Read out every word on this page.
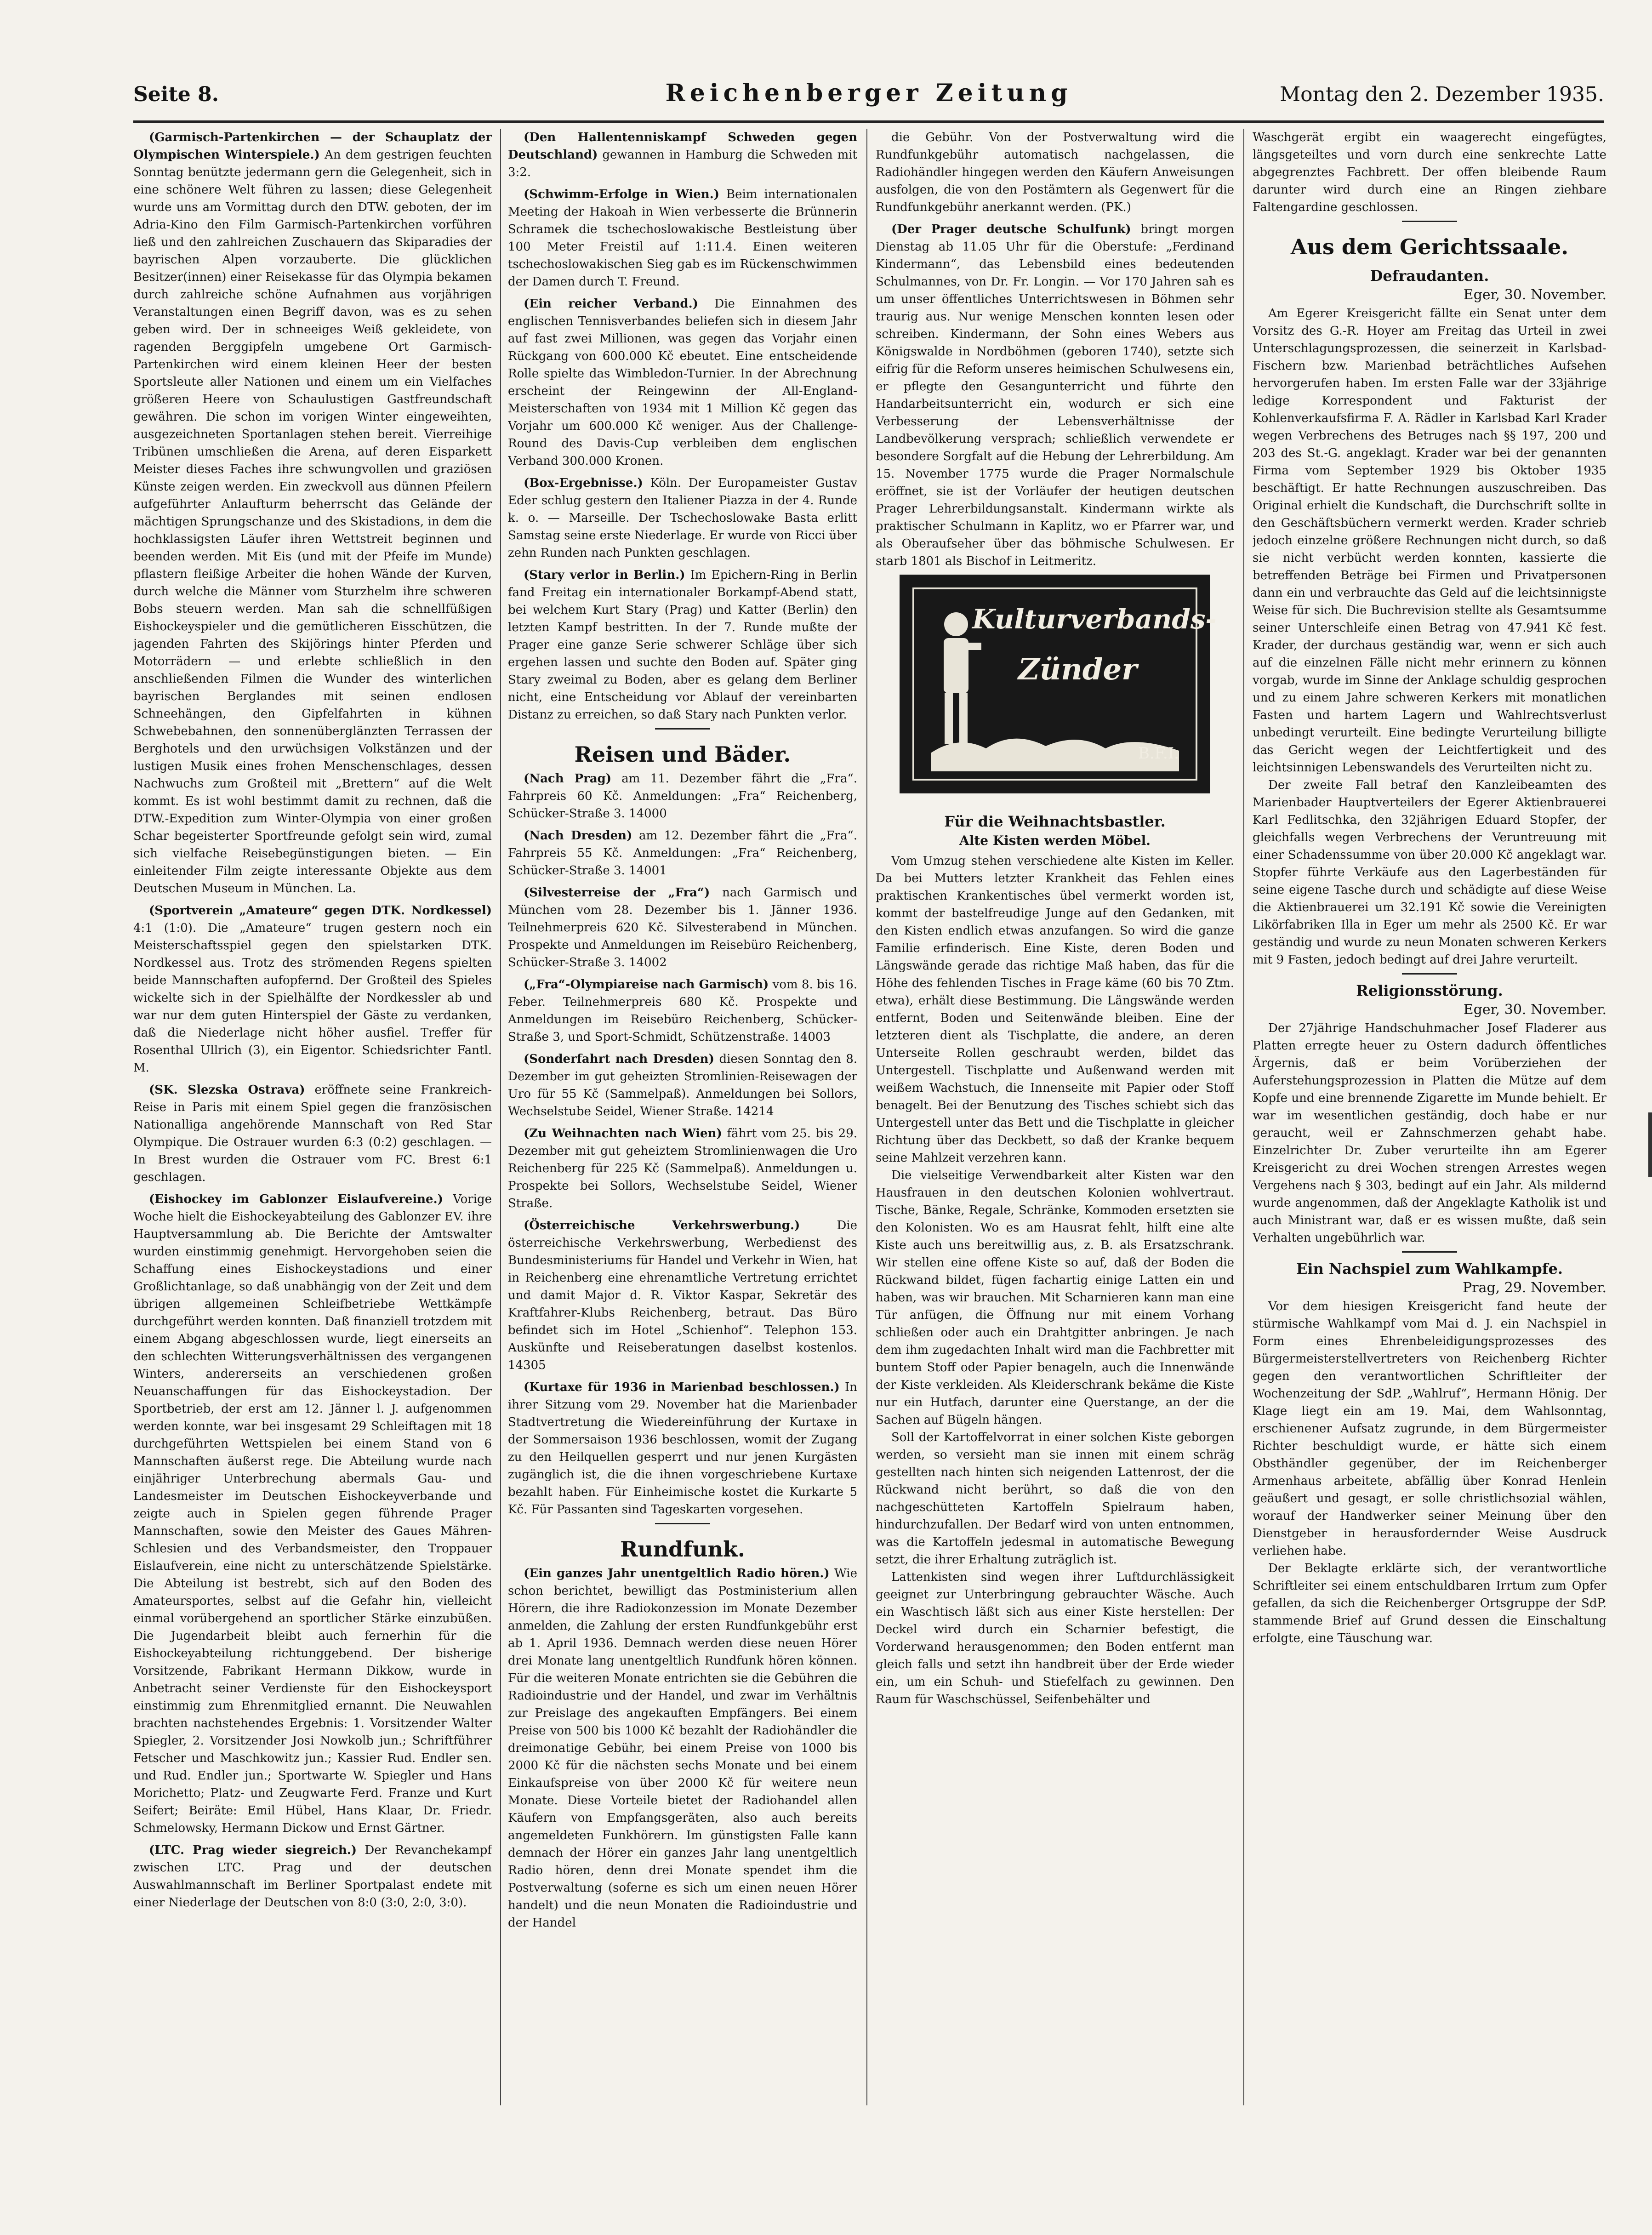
Seite 8.	Reichenberger Zeitung	Montag den 2. Dezember 1935.

(Garmisch-Partenkirchen — der Schauplatz der Olympischen Winterspiele.) An dem gestrigen feuchten Sonntag benützte jedermann gern die Gelegenheit, sich in eine schönere Welt führen zu lassen; diese Gelegenheit wurde uns am Vormittag durch den DTW. geboten, der im Adria-Kino den Film Garmisch-Partenkirchen vorführen ließ und den zahlreichen Zuschauern das Skiparadies der bayrischen Alpen vorzauberte. Die glücklichen Besitzer(innen) einer Reisekasse für das Olympia bekamen durch zahlreiche schöne Aufnahmen aus vorjährigen Veranstaltungen einen Begriff davon, was es zu sehen geben wird. Der in schneeiges Weiß gekleidete, von ragenden Berggipfeln umgebene Ort Garmisch-Partenkirchen wird einem kleinen Heer der besten Sportsleute aller Nationen und einem um ein Vielfaches größeren Heere von Schaulustigen Gastfreundschaft gewähren. Die schon im vorigen Winter eingeweihten, ausgezeichneten Sportanlagen stehen bereit. Vierreihige Tribünen umschließen die Arena, auf deren Eisparkett Meister dieses Faches ihre schwungvollen und graziösen Künste zeigen werden. Ein zweckvoll aus dünnen Pfeilern aufgeführter Anlaufturm beherrscht das Gelände der mächtigen Sprungschanze und des Skistadions, in dem die hochklassigsten Läufer ihren Wettstreit beginnen und beenden werden. Mit Eis (und mit der Pfeife im Munde) pflastern fleißige Arbeiter die hohen Wände der Kurven, durch welche die Männer vom Sturzhelm ihre schweren Bobs steuern werden. Man sah die schnellfüßigen Eishockeyspieler und die gemütlicheren Eisschützen, die jagenden Fahrten des Skijörings hinter Pferden und Motorrädern — und erlebte schließlich in den anschließenden Filmen die Wunder des winterlichen bayrischen Berglandes mit seinen endlosen Schneehängen, den Gipfelfahrten in kühnen Schwebebahnen, den sonnenüberglänzten Terrassen der Berghotels und den urwüchsigen Volkstänzen und der lustigen Musik eines frohen Menschenschlages, dessen Nachwuchs zum Großteil mit „Brettern“ auf die Welt kommt. Es ist wohl bestimmt damit zu rechnen, daß die DTW.-Expedition zum Winter-Olympia von einer großen Schar begeisterter Sportfreunde gefolgt sein wird, zumal sich vielfache Reisebegünstigungen bieten. — Ein einleitender Film zeigte interessante Objekte aus dem Deutschen Museum in München. La.

(Sportverein „Amateure“ gegen DTK. Nordkessel) 4:1 (1:0). Die „Amateure“ trugen gestern noch ein Meisterschaftsspiel gegen den spielstarken DTK. Nordkessel aus. Trotz des strömenden Regens spielten beide Mannschaften aufopfernd. Der Großteil des Spieles wickelte sich in der Spielhälfte der Nordkessler ab und war nur dem guten Hinterspiel der Gäste zu verdanken, daß die Niederlage nicht höher ausfiel. Treffer für Rosenthal Ullrich (3), ein Eigentor. Schiedsrichter Fantl. M.

(SK. Slezska Ostrava) eröffnete seine Frankreich-Reise in Paris mit einem Spiel gegen die französischen Nationalliga angehörende Mannschaft von Red Star Olympique. Die Ostrauer wurden 6:3 (0:2) geschlagen. — In Brest wurden die Ostrauer vom FC. Brest 6:1 geschlagen.

(Eishockey im Gablonzer Eislaufvereine.) Vorige Woche hielt die Eishockeyabteilung des Gablonzer EV. ihre Hauptversammlung ab. Die Berichte der Amtswalter wurden einstimmig genehmigt. Hervorgehoben seien die Schaffung eines Eishockeystadions und einer Großlichtanlage, so daß unabhängig von der Zeit und dem übrigen allgemeinen Schleifbetriebe Wettkämpfe durchgeführt werden konnten. Daß finanziell trotzdem mit einem Abgang abgeschlossen wurde, liegt einerseits an den schlechten Witterungsverhältnissen des vergangenen Winters, andererseits an verschiedenen großen Neuanschaffungen für das Eishockeystadion. Der Sportbetrieb, der erst am 12. Jänner l. J. aufgenommen werden konnte, war bei insgesamt 29 Schleiftagen mit 18 durchgeführten Wettspielen bei einem Stand von 6 Mannschaften äußerst rege. Die Abteilung wurde nach einjähriger Unterbrechung abermals Gau- und Landesmeister im Deutschen Eishockeyverbande und zeigte auch in Spielen gegen führende Prager Mannschaften, sowie den Meister des Gaues Mähren-Schlesien und des Verbandsmeister, den Troppauer Eislaufverein, eine nicht zu unterschätzende Spielstärke. Die Abteilung ist bestrebt, sich auf den Boden des Amateursportes, selbst auf die Gefahr hin, vielleicht einmal vorübergehend an sportlicher Stärke einzubüßen. Die Jugendarbeit bleibt auch fernerhin für die Eishockeyabteilung richtunggebend. Der bisherige Vorsitzende, Fabrikant Hermann Dikkow, wurde in Anbetracht seiner Verdienste für den Eishockeysport einstimmig zum Ehrenmitglied ernannt. Die Neuwahlen brachten nachstehendes Ergebnis: 1. Vorsitzender Walter Spiegler, 2. Vorsitzender Josi Nowkolb jun.; Schriftführer Fetscher und Maschkowitz jun.; Kassier Rud. Endler sen. und Rud. Endler jun.; Sportwarte W. Spiegler und Hans Morichetto; Platz- und Zeugwarte Ferd. Franze und Kurt Seifert; Beiräte: Emil Hübel, Hans Klaar, Dr. Friedr. Schmelowsky, Hermann Dickow und Ernst Gärtner.

(LTC. Prag wieder siegreich.) Der Revanchekampf zwischen LTC. Prag und der deutschen Auswahlmannschaft im Berliner Sportpalast endete mit einer Niederlage der Deutschen von 8:0 (3:0, 2:0, 3:0).

(Den Hallentenniskampf Schweden gegen Deutschland) gewannen in Hamburg die Schweden mit 3:2.

(Schwimm-Erfolge in Wien.) Beim internationalen Meeting der Hakoah in Wien verbesserte die Brünnerin Schramek die tschechoslowakische Bestleistung über 100 Meter Freistil auf 1:11.4. Einen weiteren tschechoslowakischen Sieg gab es im Rückenschwimmen der Damen durch T. Freund.

(Ein reicher Verband.) Die Einnahmen des englischen Tennisverbandes beliefen sich in diesem Jahr auf fast zwei Millionen, was gegen das Vorjahr einen Rückgang von 600.000 Kč ebeutet. Eine entscheidende Rolle spielte das Wimbledon-Turnier. In der Abrechnung erscheint der Reingewinn der All-England-Meisterschaften von 1934 mit 1 Million Kč gegen das Vorjahr um 600.000 Kč weniger. Aus der Challenge-Round des Davis-Cup verbleiben dem englischen Verband 300.000 Kronen.

(Box-Ergebnisse.) Köln. Der Europameister Gustav Eder schlug gestern den Italiener Piazza in der 4. Runde k. o. — Marseille. Der Tschechoslowake Basta erlitt Samstag seine erste Niederlage. Er wurde von Ricci über zehn Runden nach Punkten geschlagen.

(Stary verlor in Berlin.) Im Epichern-Ring in Berlin fand Freitag ein internationaler Borkampf-Abend statt, bei welchem Kurt Stary (Prag) und Katter (Berlin) den letzten Kampf bestritten. In der 7. Runde mußte der Prager eine ganze Serie schwerer Schläge über sich ergehen lassen und suchte den Boden auf. Später ging Stary zweimal zu Boden, aber es gelang dem Berliner nicht, eine Entscheidung vor Ablauf der vereinbarten Distanz zu erreichen, so daß Stary nach Punkten verlor.

Reisen und Bäder.

(Nach Prag) am 11. Dezember fährt die „Fra“. Fahrpreis 60 Kč. Anmeldungen: „Fra“ Reichenberg, Schücker-Straße 3. 14000

(Nach Dresden) am 12. Dezember fährt die „Fra“. Fahrpreis 55 Kč. Anmeldungen: „Fra“ Reichenberg, Schücker-Straße 3. 14001

(Silvesterreise der „Fra“) nach Garmisch und München vom 28. Dezember bis 1. Jänner 1936. Teilnehmerpreis 620 Kč. Silvesterabend in München. Prospekte und Anmeldungen im Reisebüro Reichenberg, Schücker-Straße 3. 14002

(„Fra“-Olympiareise nach Garmisch) vom 8. bis 16. Feber. Teilnehmerpreis 680 Kč. Prospekte und Anmeldungen im Reisebüro Reichenberg, Schücker-Straße 3, und Sport-Schmidt, Schützenstraße. 14003

(Sonderfahrt nach Dresden) diesen Sonntag den 8. Dezember im gut geheizten Stromlinien-Reisewagen der Uro für 55 Kč (Sammelpaß). Anmeldungen bei Sollors, Wechselstube Seidel, Wiener Straße. 14214

(Zu Weihnachten nach Wien) fährt vom 25. bis 29. Dezember mit gut geheiztem Stromlinienwagen die Uro Reichenberg für 225 Kč (Sammelpaß). Anmeldungen u. Prospekte bei Sollors, Wechselstube Seidel, Wiener Straße.

(Österreichische Verkehrswerbung.)	Die österreichische Verkehrswerbung, Werbedienst des Bundesministeriums für Handel und Verkehr in Wien, hat in Reichenberg eine ehrenamtliche Vertretung errichtet und damit Major d. R. Viktor Kaspar, Sekretär des Kraftfahrer-Klubs Reichenberg, betraut. Das Büro befindet sich im Hotel „Schienhof“. Telephon 153. Auskünfte und Reiseberatungen daselbst kostenlos. 14305

(Kurtaxe für 1936 in Marienbad beschlossen.) In ihrer Sitzung vom 29. November hat die Marienbader Stadtvertretung die Wiedereinführung der Kurtaxe in der Sommersaison 1936 beschlossen, womit der Zugang zu den Heilquellen gesperrt und nur jenen Kurgästen zugänglich ist, die die ihnen vorgeschriebene Kurtaxe bezahlt haben. Für Einheimische kostet die Kurkarte 5 Kč. Für Passanten sind Tageskarten vorgesehen.

Rundfunk.

(Ein ganzes Jahr unentgeltlich Radio hören.) Wie schon berichtet, bewilligt das Postministerium allen Hörern, die ihre Radiokonzession im Monate Dezember anmelden, die Zahlung der ersten Rundfunkgebühr erst ab 1. April 1936. Demnach werden diese neuen Hörer drei Monate lang unentgeltlich Rundfunk hören können. Für die weiteren Monate entrichten sie die Gebühren die Radioindustrie und der Handel, und zwar im Verhältnis zur Preislage des angekauften Empfängers. Bei einem Preise von 500 bis 1000 Kč bezahlt der Radiohändler die dreimonatige Gebühr, bei einem Preise von 1000 bis 2000 Kč für die nächsten sechs Monate und bei einem Einkaufspreise von über 2000 Kč für weitere neun Monate. Diese Vorteile bietet der Radiohandel allen Käufern von Empfangsgeräten, also auch bereits angemeldeten Funkhörern. Im günstigsten Falle kann demnach der Hörer ein ganzes Jahr lang unentgeltlich Radio hören, denn drei Monate spendet ihm die Postverwaltung (soferne es sich um einen neuen Hörer handelt) und die neun Monaten die Radioindustrie und der Handel

die Gebühr. Von der Postverwaltung wird die Rundfunkgebühr automatisch nachgelassen, die Radiohändler hingegen werden den Käufern Anweisungen ausfolgen, die von den Postämtern als Gegenwert für die Rundfunkgebühr anerkannt werden. (PK.)

(Der Prager deutsche Schulfunk) bringt morgen Dienstag ab 11.05 Uhr für die Oberstufe: „Ferdinand Kindermann“, das Lebensbild eines bedeutenden Schulmannes, von Dr. Fr. Longin. — Vor 170 Jahren sah es um unser öffentliches Unterrichtswesen in Böhmen sehr traurig aus. Nur wenige Menschen konnten lesen oder schreiben. Kindermann, der Sohn eines Webers aus Königswalde in Nordböhmen (geboren 1740), setzte sich eifrig für die Reform unseres heimischen Schulwesens ein, er pflegte den Gesangunterricht und führte den Handarbeitsunterricht ein, wodurch er sich eine Verbesserung der Lebensverhältnisse der Landbevölkerung versprach; schließlich verwendete er besondere Sorgfalt auf die Hebung der Lehrerbildung. Am 15. November 1775 wurde die Prager Normalschule eröffnet, sie ist der Vorläufer der heutigen deutschen Prager Lehrerbildungsanstalt. Kindermann wirkte als praktischer Schulmann in Kaplitz, wo er Pfarrer war, und als Oberaufseher über das böhmische Schulwesen. Er starb 1801 als Bischof in Leitmeritz.

Kulturverbands-
Zünder
B.F.I.
Für die Weihnachtsbastler.
Alte Kisten werden Möbel.

Vom Umzug stehen verschiedene alte Kisten im Keller. Da bei Mutters letzter Krankheit das Fehlen eines praktischen Krankentisches übel vermerkt worden ist, kommt der bastelfreudige Junge auf den Gedanken, mit den Kisten endlich etwas anzufangen. So wird die ganze Familie erfinderisch. Eine Kiste, deren Boden und Längswände gerade das richtige Maß haben, das für die Höhe des fehlenden Tisches in Frage käme (60 bis 70 Ztm. etwa), erhält diese Bestimmung. Die Längswände werden entfernt, Boden und Seitenwände bleiben. Eine der letzteren dient als Tischplatte, die andere, an deren Unterseite Rollen geschraubt werden, bildet das Untergestell. Tischplatte und Außenwand werden mit weißem Wachstuch, die Innenseite mit Papier oder Stoff benagelt. Bei der Benutzung des Tisches schiebt sich das Untergestell unter das Bett und die Tischplatte in gleicher Richtung über das Deckbett, so daß der Kranke bequem seine Mahlzeit verzehren kann.

Die vielseitige Verwendbarkeit alter Kisten war den Hausfrauen in den deutschen Kolonien wohlvertraut. Tische, Bänke, Regale, Schränke, Kommoden ersetzten sie den Kolonisten. Wo es am Hausrat fehlt, hilft eine alte Kiste auch uns bereitwillig aus, z. B. als Ersatzschrank. Wir stellen eine offene Kiste so auf, daß der Boden die Rückwand bildet, fügen fachartig einige Latten ein und haben, was wir brauchen. Mit Scharnieren kann man eine Tür anfügen, die Öffnung nur mit einem Vorhang schließen oder auch ein Drahtgitter anbringen. Je nach dem ihm zugedachten Inhalt wird man die Fachbretter mit buntem Stoff oder Papier benageln, auch die Innenwände der Kiste verkleiden. Als Kleiderschrank bekäme die Kiste nur ein Hutfach, darunter eine Querstange, an der die Sachen auf Bügeln hängen.

Soll der Kartoffelvorrat in einer solchen Kiste geborgen werden, so versieht man sie innen mit einem schräg gestellten nach hinten sich neigenden Lattenrost, der die Rückwand nicht berührt, so daß die von den nachgeschütteten Kartoffeln Spielraum haben, hindurchzufallen. Der Bedarf wird von unten entnommen, was die Kartoffeln jedesmal in automatische Bewegung setzt, die ihrer Erhaltung zuträglich ist.

Lattenkisten sind wegen ihrer Luftdurchlässigkeit geeignet zur Unterbringung gebrauchter Wäsche. Auch ein Waschtisch läßt sich aus einer Kiste herstellen: Der Deckel wird durch ein Scharnier befestigt, die Vorderwand herausgenommen; den Boden entfernt man gleich falls und setzt ihn handbreit über der Erde wieder ein, um ein Schuh- und Stiefelfach zu gewinnen. Den Raum für Waschschüssel, Seifenbehälter und

Waschgerät ergibt ein waagerecht eingefügtes, längsgeteiltes und vorn durch eine senkrechte Latte abgegrenztes Fachbrett. Der offen bleibende Raum darunter wird durch eine an Ringen ziehbare Faltengardine geschlossen.

Aus dem Gerichtssaale.
Defraudanten.
Eger, 30. November.

Am Egerer Kreisgericht fällte ein Senat unter dem Vorsitz des G.-R. Hoyer am Freitag das Urteil in zwei Unterschlagungsprozessen, die seinerzeit in Karlsbad-Fischern bzw. Marienbad beträchtliches Aufsehen hervorgerufen haben. Im ersten Falle war der 33jährige ledige Korrespondent und Fakturist der Kohlenverkaufsfirma F. A. Rädler in Karlsbad Karl Krader wegen Verbrechens des Betruges nach §§ 197, 200 und 203 des St.-G. angeklagt. Krader war bei der genannten Firma vom September 1929 bis Oktober 1935 beschäftigt. Er hatte Rechnungen auszuschreiben. Das Original erhielt die Kundschaft, die Durchschrift sollte in den Geschäftsbüchern vermerkt werden. Krader schrieb jedoch einzelne größere Rechnungen nicht durch, so daß sie nicht verbücht werden konnten, kassierte die betreffenden Beträge bei Firmen und Privatpersonen dann ein und verbrauchte das Geld auf die leichtsinnigste Weise für sich. Die Buchrevision stellte als Gesamtsumme seiner Unterschleife einen Betrag von 47.941 Kč fest. Krader, der durchaus geständig war, wenn er sich auch auf die einzelnen Fälle nicht mehr erinnern zu können vorgab, wurde im Sinne der Anklage schuldig gesprochen und zu einem Jahre schweren Kerkers mit monatlichen Fasten und hartem Lagern und Wahlrechtsverlust unbedingt verurteilt. Eine bedingte Verurteilung billigte das Gericht wegen der Leichtfertigkeit und des leichtsinnigen Lebenswandels des Verurteilten nicht zu.

Der zweite Fall betraf den Kanzleibeamten des Marienbader Hauptverteilers der Egerer Aktienbrauerei Karl Fedlitschka, den 32jährigen Eduard Stopfer, der gleichfalls wegen Verbrechens der Veruntreuung mit einer Schadenssumme von über 20.000 Kč angeklagt war. Stopfer führte Verkäufe aus den Lagerbeständen für seine eigene Tasche durch und schädigte auf diese Weise die Aktienbrauerei um 32.191 Kč sowie die Vereinigten Likörfabriken Illa in Eger um mehr als 2500 Kč. Er war geständig und wurde zu neun Monaten schweren Kerkers mit 9 Fasten, jedoch bedingt auf drei Jahre verurteilt.

Religionsstörung.
Eger, 30. November.

Der 27jährige Handschuhmacher Josef Fladerer aus Platten erregte heuer zu Ostern dadurch öffentliches Ärgernis, daß er beim Vorüberziehen der Auferstehungsprozession in Platten die Mütze auf dem Kopfe und eine brennende Zigarette im Munde behielt. Er war im wesentlichen geständig, doch habe er nur geraucht, weil er Zahnschmerzen gehabt habe. Einzelrichter Dr. Zuber verurteilte ihn am Egerer Kreisgericht zu drei Wochen strengen Arrestes wegen Vergehens nach § 303, bedingt auf ein Jahr. Als mildernd wurde angenommen, daß der Angeklagte Katholik ist und auch Ministrant war, daß er es wissen mußte, daß sein Verhalten ungebührlich war.

Ein Nachspiel zum Wahlkampfe.
Prag, 29. November.

Vor dem hiesigen Kreisgericht fand heute der stürmische Wahlkampf vom Mai d. J. ein Nachspiel in Form eines Ehrenbeleidigungsprozesses des Bürgermeisterstellvertreters von Reichenberg Richter gegen den verantwortlichen Schriftleiter der Wochenzeitung der SdP. „Wahlruf“, Hermann Hönig. Der Klage liegt ein am 19. Mai, dem Wahlsonntag, erschienener Aufsatz zugrunde, in dem Bürgermeister Richter beschuldigt wurde, er hätte sich einem Obsthändler gegenüber, der im Reichenberger Armenhaus arbeitete, abfällig über Konrad Henlein geäußert und gesagt, er solle christlichsozial wählen, worauf der Handwerker seiner Meinung über den Dienstgeber in herausfordernder Weise Ausdruck verliehen habe.

Der Beklagte erklärte sich, der verantwortliche Schriftleiter sei einem entschuldbaren Irrtum zum Opfer gefallen, da sich die Reichenberger Ortsgruppe der SdP. stammende Brief auf Grund dessen die Einschaltung erfolgte, eine Täuschung war.
